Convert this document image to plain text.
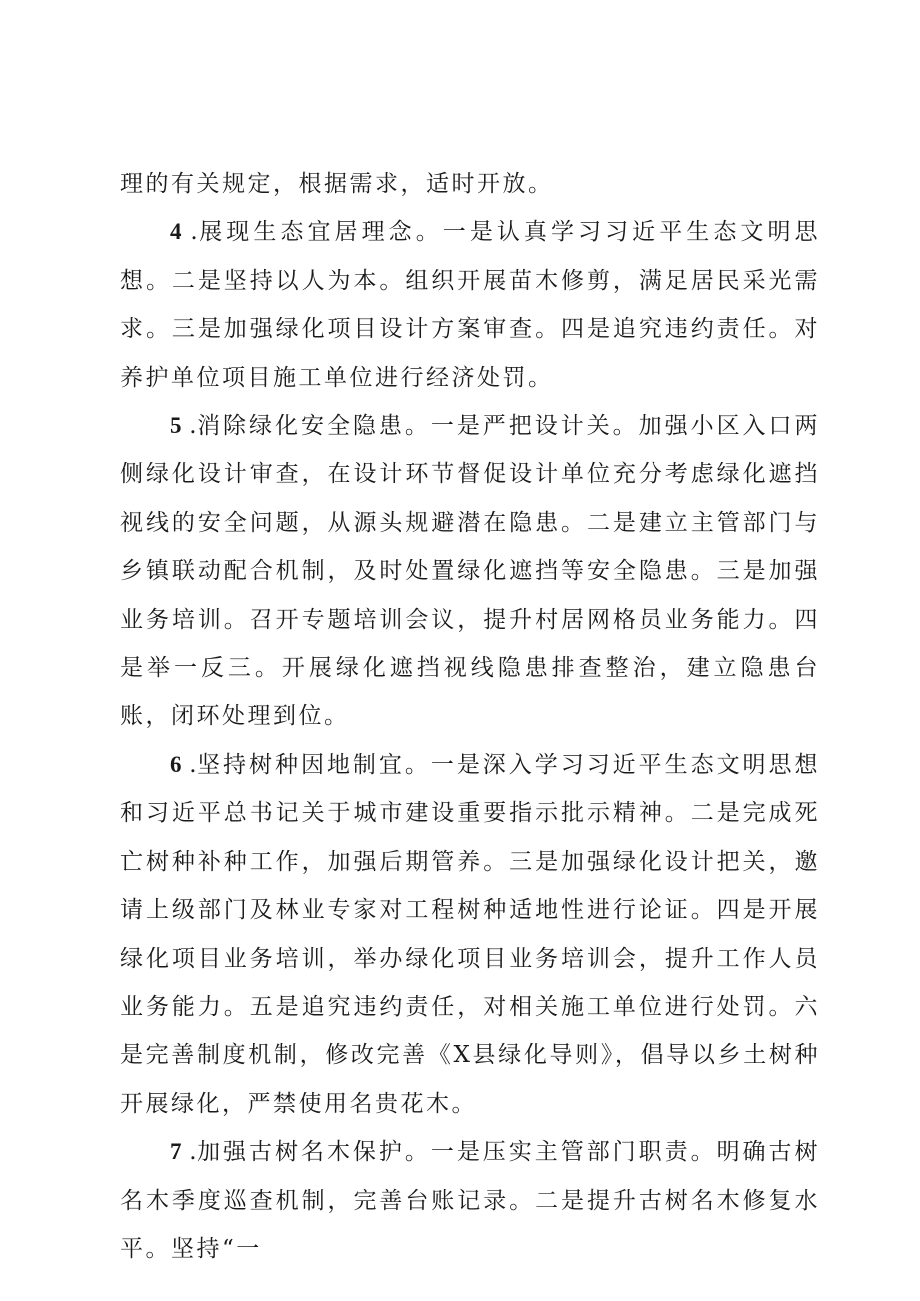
理的有关规定，根据需求，适时开放。

4 .展现生态宜居理念。一是认真学习习近平生态文明思想。二是坚持以人为本。组织开展苗木修剪，满足居民采光需求。三是加强绿化项目设计方案审查。四是追究违约责任。对养护单位项目施工单位进行经济处罚。

5 .消除绿化安全隐患。一是严把设计关。加强小区入口两侧绿化设计审查，在设计环节督促设计单位充分考虑绿化遮挡视线的安全问题，从源头规避潜在隐患。二是建立主管部门与乡镇联动配合机制，及时处置绿化遮挡等安全隐患。三是加强业务培训。召开专题培训会议，提升村居网格员业务能力。四是举一反三。开展绿化遮挡视线隐患排查整治，建立隐患台账，闭环处理到位。

6 .坚持树种因地制宜。一是深入学习习近平生态文明思想和习近平总书记关于城市建设重要指示批示精神。二是完成死亡树种补种工作，加强后期管养。三是加强绿化设计把关，邀请上级部门及林业专家对工程树种适地性进行论证。四是开展绿化项目业务培训，举办绿化项目业务培训会，提升工作人员业务能力。五是追究违约责任，对相关施工单位进行处罚。六是完善制度机制，修改完善《X县绿化导则》，倡导以乡土树种开展绿化，严禁使用名贵花木。

7 .加强古树名木保护。一是压实主管部门职责。明确古树名木季度巡查机制，完善台账记录。二是提升古树名木修复水平。坚持“一
